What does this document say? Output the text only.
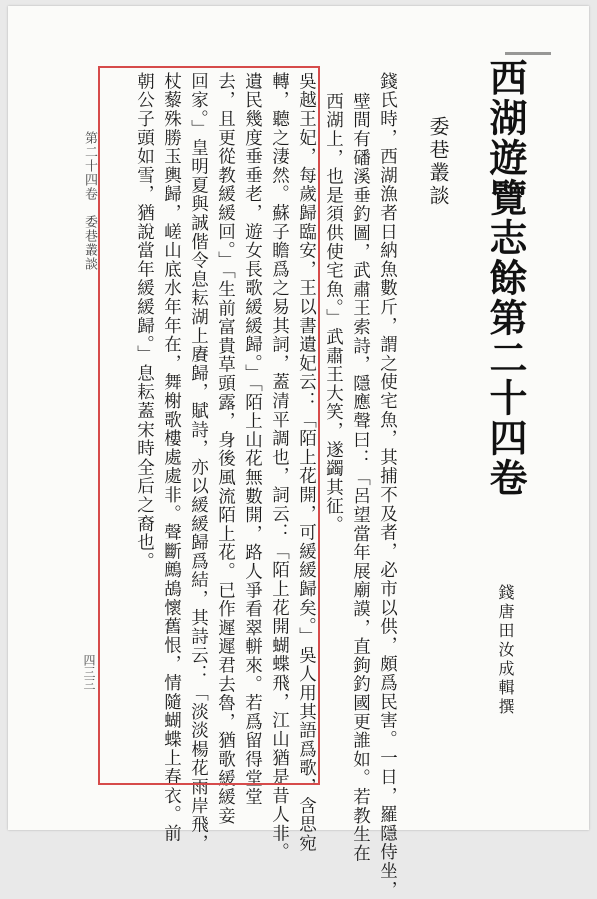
西湖遊覽志餘第二十四卷
錢唐田汝成輯撰
委巷叢談
錢氏時，西湖漁者日納魚數斤，謂之使宅魚，其捕不及者，必市以供，頗爲民害。一日，羅隱侍坐，
壁間有磻溪垂釣圖，武肅王索詩，隱應聲曰：「呂望當年展廟謨，直鉤釣國更誰如。若教生在
西湖上，也是須供使宅魚。」武肅王大笑，遂蠲其征。
吳越王妃，每歲歸臨安，王以書遺妃云：「陌上花開，可緩緩歸矣。」吳人用其語爲歌，含思宛
轉，聽之淒然。蘇子瞻爲之易其詞，蓋清平調也，詞云：「陌上花開蝴蝶飛，江山猶是昔人非。
遺民幾度垂垂老，遊女長歌緩緩歸。」「陌上山花無數開，路人爭看翠軿來。若爲留得堂堂
去，且更從教緩緩回。」「生前富貴草頭露，身後風流陌上花。已作遲遲君去魯，猶歌緩緩妾
回家。」皇明夏與誠偕令息耘湖上賡歸，賦詩，亦以緩緩歸爲結，其詩云：「淡淡楊花雨岸飛，
杖藜殊勝玉輿歸，嵯山底水年年在，舞榭歌樓處處非。聲斷鷓鴣懷舊恨，情隨蝴蝶上春衣。前
朝公子頭如雪，猶說當年緩緩歸。」息耘蓋宋時全后之裔也。
第二十四卷　委巷叢談
四三三
